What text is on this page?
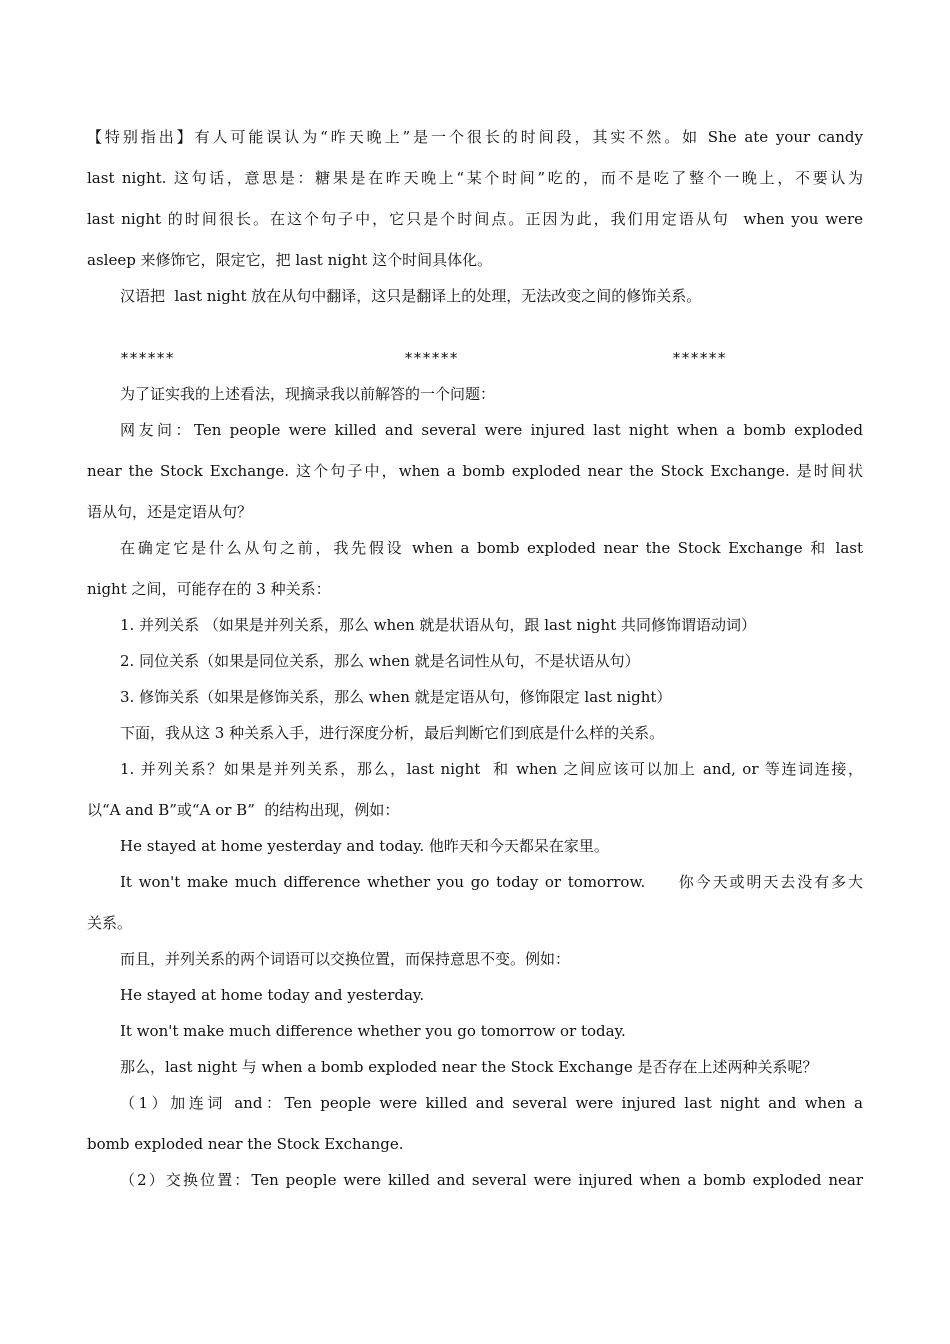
【特别指出】有人可能误认为“昨天晚上”是一个很长的时间段，其实不然。如 She ate your candy
last night. 这句话，意思是：糖果是在昨天晚上“某个时间”吃的，而不是吃了整个一晚上，不要认为
last night 的时间很长。在这个句子中，它只是个时间点。正因为此，我们用定语从句  when you were
asleep 来修饰它，限定它，把 last night 这个时间具体化。
汉语把  last night 放在从句中翻译，这只是翻译上的处理，无法改变之间的修饰关系。
******	******	******
为了证实我的上述看法，现摘录我以前解答的一个问题：
网友问：Ten people were killed and several were injured last night when a bomb exploded
near the Stock Exchange. 这个句子中，when a bomb exploded near the Stock Exchange. 是时间状
语从句，还是定语从句？
在确定它是什么从句之前，我先假设 when a bomb exploded near the Stock Exchange 和 last
night 之间，可能存在的 3 种关系：
1. 并列关系 （如果是并列关系，那么 when 就是状语从句，跟 last night 共同修饰谓语动词）
2. 同位关系（如果是同位关系，那么 when 就是名词性从句，不是状语从句）
3. 修饰关系（如果是修饰关系，那么 when 就是定语从句，修饰限定 last night）
下面，我从这 3 种关系入手，进行深度分析，最后判断它们到底是什么样的关系。
1. 并列关系？如果是并列关系，那么，last night  和 when 之间应该可以加上 and, or 等连词连接，
以“A and B”或“A or B”  的结构出现，例如：
He stayed at home yesterday and today. 他昨天和今天都呆在家里。
It won't make much difference whether you go today or tomorrow.     你今天或明天去没有多大
关系。
而且，并列关系的两个词语可以交换位置，而保持意思不变。例如：
He stayed at home today and yesterday.
It won't make much difference whether you go tomorrow or today.
那么，last night 与 when a bomb exploded near the Stock Exchange 是否存在上述两种关系呢？
（1）加连词 and：Ten people were killed and several were injured last night and when a
bomb exploded near the Stock Exchange.
（2）交换位置：Ten people were killed and several were injured when a bomb exploded near
